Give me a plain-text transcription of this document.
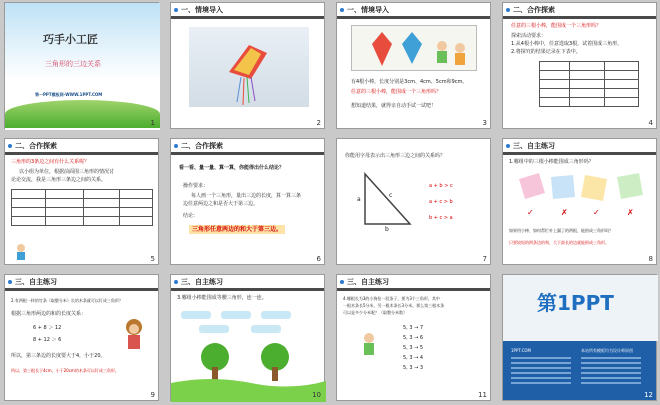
巧手小工匠
三角形的三边关系
第一PPT模板网-WWW.1PPT.COM
1
一、情境导入
2
一、情境导入
有4根小棒，长度分别是3cm、4cm、5cm和9cm。
任意的三根小棒，能围成一个三角形吗？
想知道结果，就得亲自动手试一试吧！
3
二、合作探索
任意的三根小棒，能围成一个三角形吗？
探索活动要求：
1.从4根小棒中，任意选取3根，试着围成三角形。
2.将探究的结果记录在下表中。

4
二、合作探索
三角形的3条边之间有什么关系呢？
以小组为单位，根据前面围三角形的情况讨
论论交流，我是三角形三条边之间的关系。

5
二、合作探索
看一看、量一量、算一算，你能得出什么结论？
操作要求：
每人画一个三角形，量出三边的长度，算一算三条
边任意两边之和是否大于第三边。
结论：
三角形任意两边的和大于第三边。
6
你能用字母表示出三角形三边之间的关系吗？
a
b
c
a + b > c
a + c > b
b + c > a
7
三、自主练习
1.哪组中的三根小棒能围成三角形吗？
✓	✗	✓	✗
如果用小棒，如何帮忙补上漏了的两根，能围成三角形吗？
只要较短的两条边的和，大于最长的边就能围成三角形。
8
三、自主练习
2.有两根一样的竹条（取整分米）长的木条就可以钉成三角形？
根据三角形两边的和的长度关系：
6 + 8 ＞ 12
8 + 12 ＞ 6
所以，第三条边的长度要大于4，小于20。
所以，第三根长于4cm，小于20cm的木条可以钉成三角形。
9
三、自主练习
3.哪组小棒能围成等腰三角形，连一连。
10
三、自主练习
4.哪根长为3的小狗捡一段条子，要为3个三角形，其中
一根木条长5分米，另一根木条长3分米。那么第三根木条
可以是多少分米呢？（取整分米数）
5, 3 → 7
5, 3 → 6
5, 3 → 5
5, 3 → 4
5, 3 → 3
11
第1PPT
1PPT.COM	本站所有模板均为设计师原创
12
